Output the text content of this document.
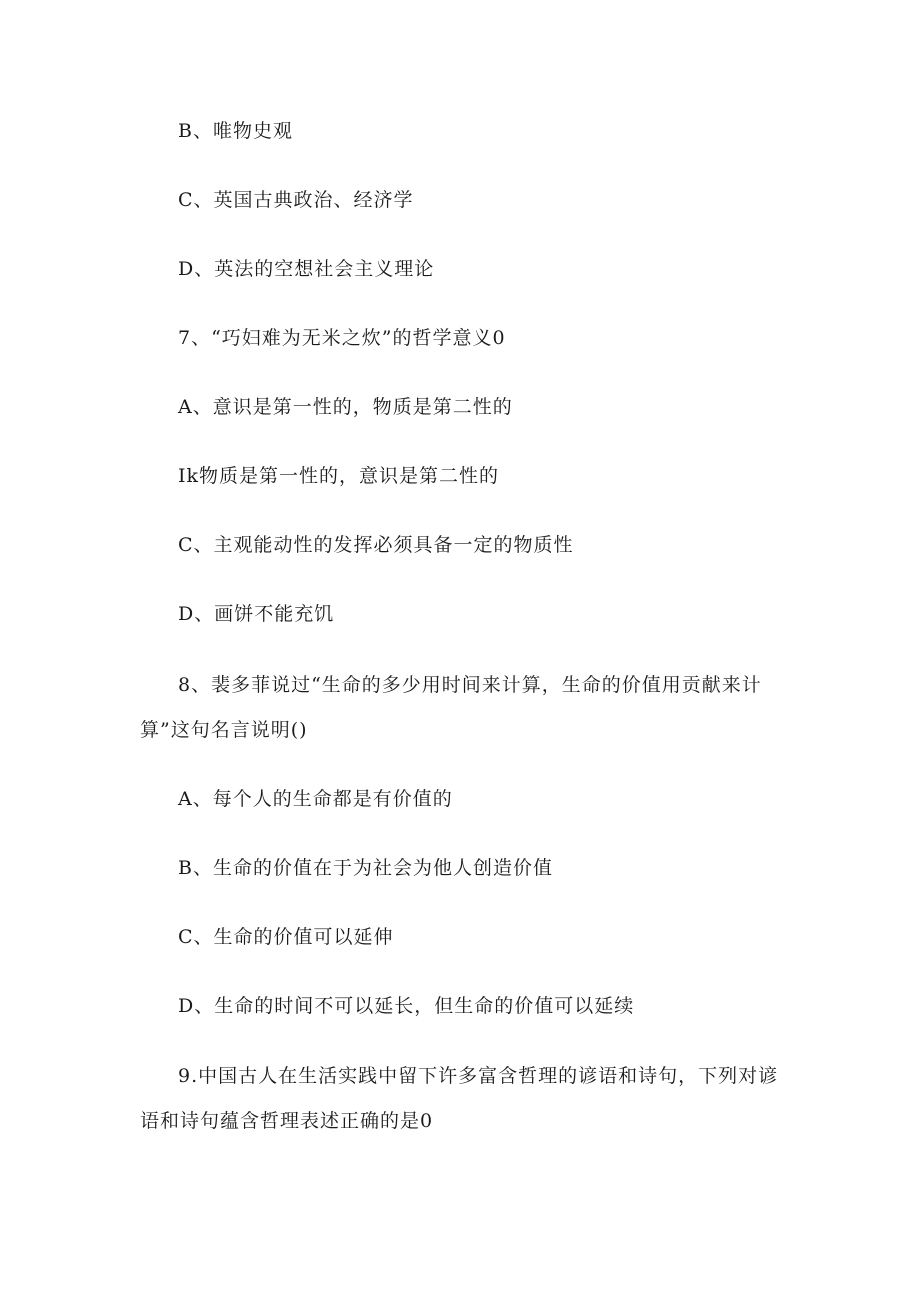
B、唯物史观
C、英国古典政治、经济学
D、英法的空想社会主义理论
7、“巧妇难为无米之炊”的哲学意义0
A、意识是第一性的，物质是第二性的
Ik物质是第一性的，意识是第二性的
C、主观能动性的发挥必须具备一定的物质性
D、画饼不能充饥
8、裴多菲说过“生命的多少用时间来计算，生命的价值用贡献来计
算”这句名言说明()
A、每个人的生命都是有价值的
B、生命的价值在于为社会为他人创造价值
C、生命的价值可以延伸
D、生命的时间不可以延长，但生命的价值可以延续
9.中国古人在生活实践中留下许多富含哲理的谚语和诗句，下列对谚
语和诗句蕴含哲理表述正确的是0
